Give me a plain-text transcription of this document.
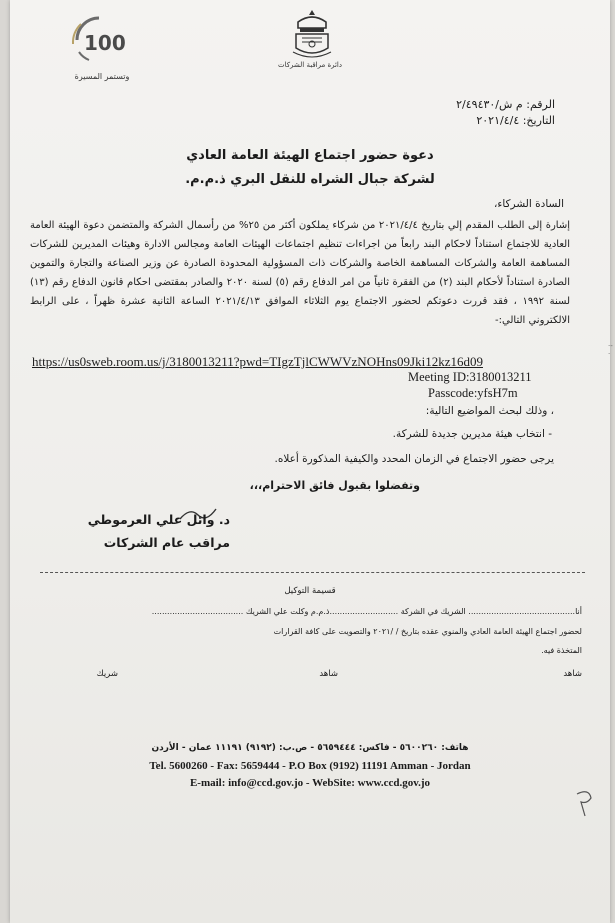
دائرة مراقبة الشركات
100
وتستمر المسيرة
الرقم: م ش/٢/٤٩٤٣٠
التاريخ: ٢٠٢١/٤/٤
دعوة حضور اجتماع الهيئة العامة العادي
لشركة جبال الشراه للنقل البري ذ.م.م.
السادة الشركاء،
إشارة إلى الطلب المقدم إلي بتاريخ ٢٠٢١/٤/٤ من شركاء يملكون أكثر من ٢٥% من رأسمال الشركة والمتضمن دعوة الهيئة العامة العادية للاجتماع استناداً لاحكام البند رابعاً من اجراءات تنظيم اجتماعات الهيئات العامة ومجالس الادارة وهيئات المديرين للشركات المساهمة العامة والشركات المساهمة الخاصة والشركات ذات المسؤولية المحدودة الصادرة عن وزير الصناعة والتجارة والتموين الصادرة استناداً لأحكام البند (٢) من الفقرة ثانياً من امر الدفاع رقم (٥) لسنة ٢٠٢٠ والصادر بمقتضى احكام قانون الدفاع رقم (١٣) لسنة ١٩٩٢ ، فقد قررت دعوتكم لحضور الاجتماع يوم الثلاثاء الموافق ٢٠٢١/٤/١٣ الساعة الثانية عشرة ظهراً ، على الرابط الالكتروني التالي:-
·-·
https://us0sweb.room.us/j/3180013211?pwd=TIgzTjlCWWVzNOHns09Jki12kz16d09
Meeting ID:3180013211
Passcode:yfsH7m
، وذلك لبحث المواضيع التالية:
- انتخاب هيئة مديرين جديدة للشركة.
يرجى حضور الاجتماع في الزمان المحدد والكيفية المذكورة أعلاه.
وتفضلوا بقبول فائق الاحترام،،،
د. وائل علي العرموطي
مراقب عام الشركات
قسيمة التوكيل
أنا.......................................... الشريك في الشركة ...........................ذ.م.م وكلت علي الشريك ....................................
لحضور اجتماع الهيئة العامة العادي والمنوي عقده بتاريخ / /٢٠٢١ والتصويت على كافة القرارات
المتخذة فيه.
شاهد
شاهد
شريك
هاتف: ٥٦٠٠٢٦٠ - فاكس: ٥٦٥٩٤٤٤ - ص.ب: (٩١٩٢) ١١١٩١ عمان - الأردن
Tel. 5600260 - Fax: 5659444 - P.O Box (9192) 11191 Amman - Jordan
E-mail: info@ccd.gov.jo - WebSite: www.ccd.gov.jo
